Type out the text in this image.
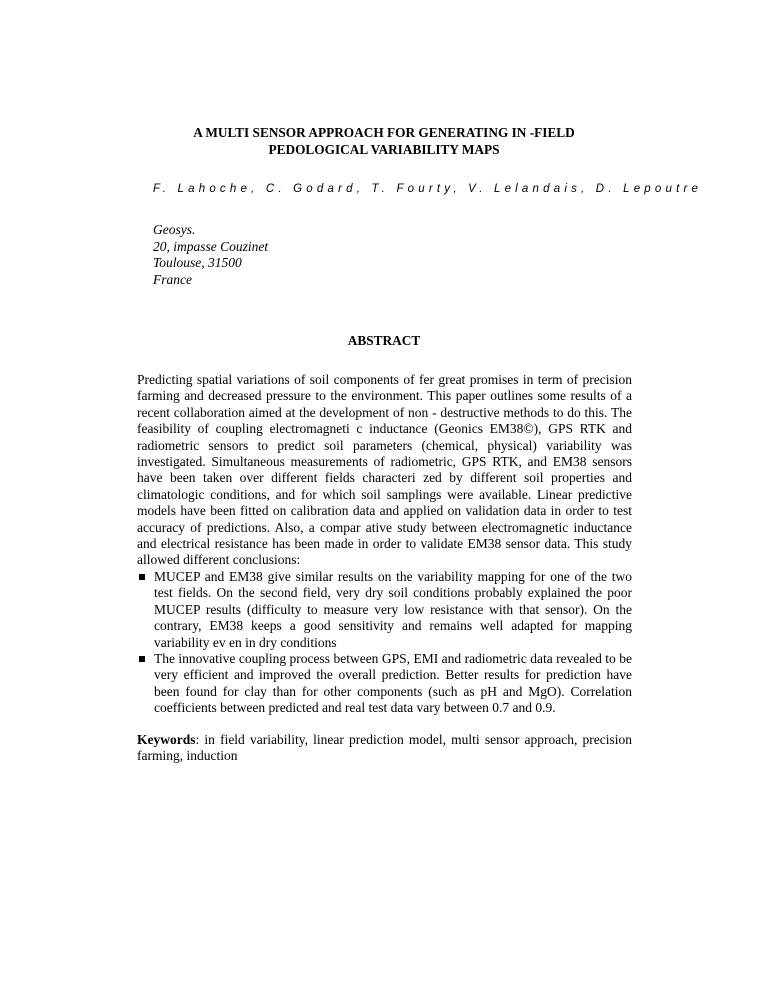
A MULTI SENSOR APPROACH FOR GENERATING IN -FIELD
PEDOLOGICAL VARIABILITY MAPS
F. Lahoche, C. Godard, T. Fourty, V. Lelandais, D. Lepoutre
Geosys.
20, impasse Couzinet
Toulouse, 31500
France
ABSTRACT

Predicting spatial variations of soil components of fer great promises in term of precision farming and decreased pressure to the environment. This paper outlines some results of a recent collaboration aimed at the development of non - destructive methods to do this. The feasibility of coupling electromagneti c inductance (Geonics EM38©), GPS RTK and radiometric sensors to predict soil parameters (chemical, physical) variability was investigated. Simultaneous measurements of radiometric, GPS RTK, and EM38 sensors have been taken over different fields characteri zed by different soil properties and climatologic conditions, and for which soil samplings were available. Linear predictive models have been fitted on calibration data and applied on validation data in order to test accuracy of predictions. Also, a compar ative study between electromagnetic inductance and electrical resistance has been made in order to validate EM38 sensor data. This study allowed different conclusions:

MUCEP and EM38 give similar results on the variability mapping for one of the two test fields. On the second field, very dry soil conditions probably explained the poor MUCEP results (difficulty to measure very low resistance with that sensor). On the contrary, EM38 keeps a good sensitivity and remains well adapted for mapping variability ev en in dry conditions
The innovative coupling process between GPS, EMI and radiometric data revealed to be very efficient and improved the overall prediction. Better results for prediction have been found for clay than for other components (such as pH and MgO). Correlation coefficients between predicted and real test data vary between 0.7 and 0.9.
Keywords: in field variability, linear prediction model, multi sensor approach, precision farming, induction
